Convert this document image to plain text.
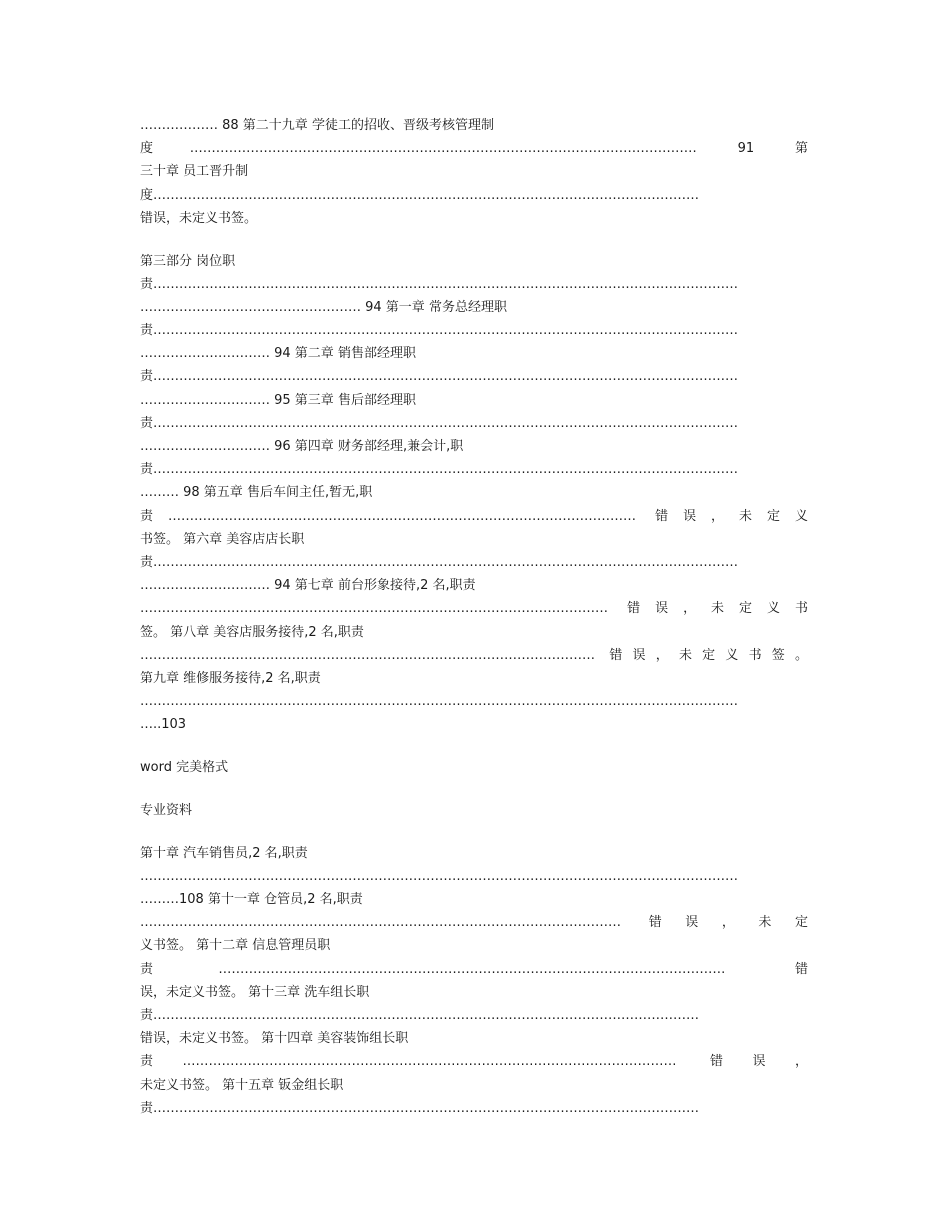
……………… 88 第二十九章 学徒工的招收、晋级考核管理制
度……………………………………………………………………………………………………… 91 第
三十章 员工晋升制
度………………………………………………………………………………………………………………
错误，未定义书签。
第三部分 岗位职
责………………………………………………………………………………………………………………………
…………………………………………… 94 第一章 常务总经理职
责………………………………………………………………………………………………………………………
………………………… 94 第二章 销售部经理职
责………………………………………………………………………………………………………………………
………………………… 95 第三章 售后部经理职
责………………………………………………………………………………………………………………………
………………………… 96 第四章 财务部经理,兼会计,职
责………………………………………………………………………………………………………………………
……… 98 第五章 售后车间主任,暂无,职
责……………………………………………………………………………………………… 错误，未定义
书签。 第六章 美容店店长职
责………………………………………………………………………………………………………………………
………………………… 94 第七章 前台形象接待,2 名,职责
……………………………………………………………………………………………… 错误，未定义书
签。 第八章 美容店服务接待,2 名,职责
…………………………………………………………………………………………… 错误，未定义书签。
第九章 维修服务接待,2 名,职责
…………………………………………………………………………………………………………………………
…..103
word 完美格式
专业资料
第十章 汽车销售员,2 名,职责
…………………………………………………………………………………………………………………………
………108 第十一章 仓管员,2 名,职责
………………………………………………………………………………………………… 错误，未定
义书签。 第十二章 信息管理员职
责……………………………………………………………………………………………………… 错
误，未定义书签。 第十三章 洗车组长职
责………………………………………………………………………………………………………………
错误，未定义书签。 第十四章 美容装饰组长职
责…………………………………………………………………………………………………… 错误，
未定义书签。 第十五章 钣金组长职
责………………………………………………………………………………………………………………
